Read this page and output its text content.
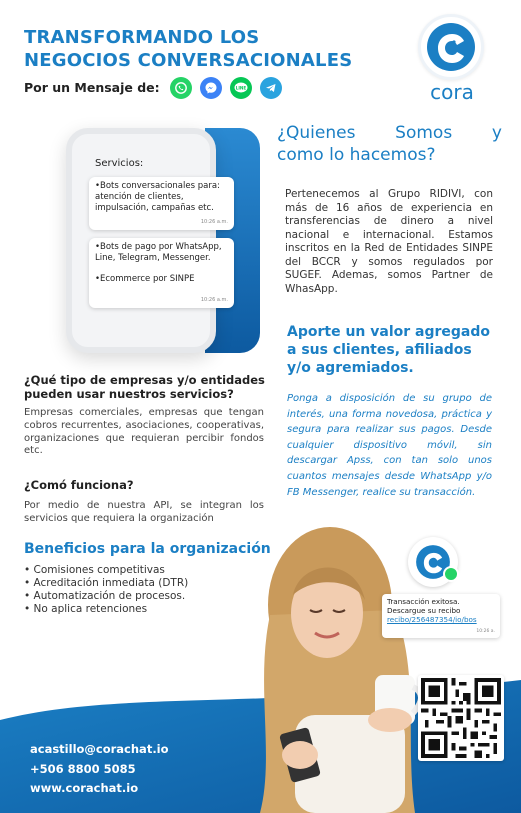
TRANSFORMANDO LOS
NEGOCIOS CONVERSACIONALES
Por un Mensaje de:	LINE	cora
Servicios:
•Bots conversacionales para:
atención de clientes,
impulsación, campañas etc.
10:26 a.m.
•Bots de pago por WhatsApp,
Line, Telegram, Messenger.
•Ecommerce por SINPE
10:26 a.m.
¿Quienes Somos y
como lo hacemos?
Pertenecemos al Grupo RIDIVI, con más de 16 años de experiencia en transferencias de dinero a nivel nacional e internacional. Estamos inscritos en la Red de Entidades SINPE del BCCR y somos regulados por SUGEF. Ademas, somos Partner de WhasApp.
Aporte un valor agregado a sus clientes, afiliados y/o agremiados.
Ponga a disposición de su grupo de interés, una forma novedosa, práctica y segura para realizar sus pagos. Desde cualquier dispositivo móvil, sin descargar Apss, con tan solo unos cuantos mensajes desde WhatsApp y/o FB Messenger, realice su transacción.
¿Qué tipo de empresas y/o entidades pueden usar nuestros servicios?
Empresas comerciales, empresas que tengan cobros recurrentes, asociaciones, cooperativas, organizaciones que requieran percibir fondos etc.
¿Comó funciona?
Por medio de nuestra API, se integran los servicios que requiera la organización
Beneficios para la organización
• Comisiones competitivas
• Acreditación inmediata (DTR)
• Automatización de procesos.
• No aplica retenciones
Transacción exitosa.
Descargue su recibo
recibo/256487354/io/bos
10:26 a.
acastillo@corachat.io
+506 8800 5085
www.corachat.io
